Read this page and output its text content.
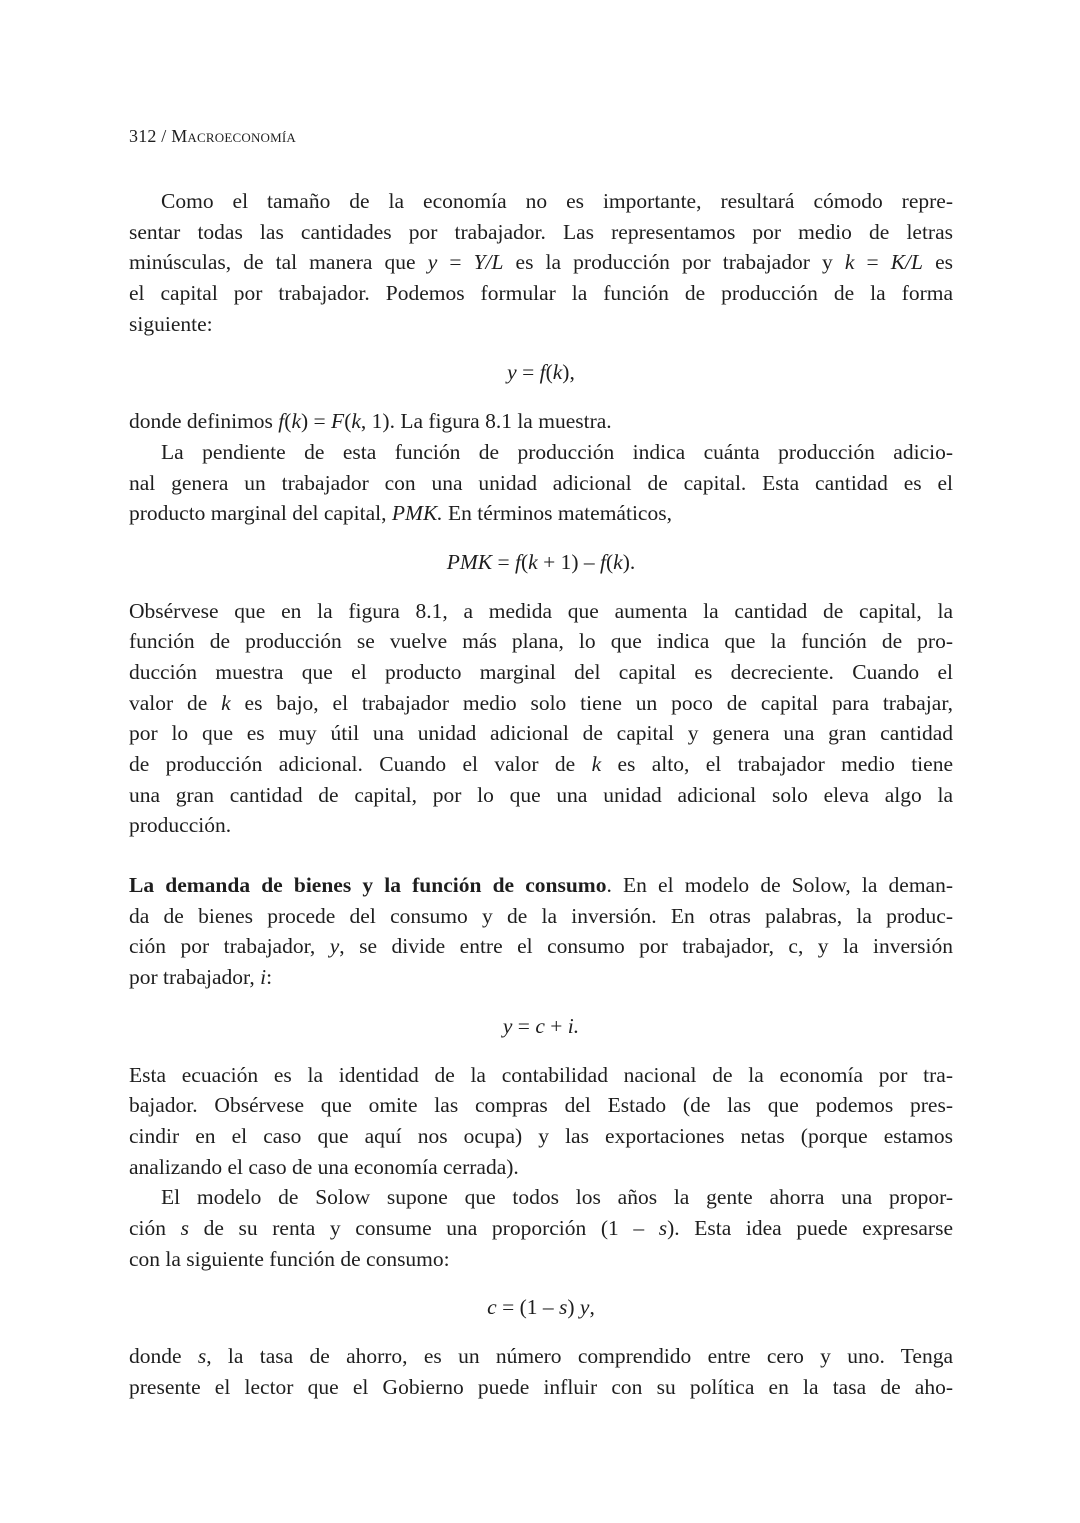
312 / Macroeconomía
Como el tamaño de la economía no es importante, resultará cómodo repre-
sentar todas las cantidades por trabajador. Las representamos por medio de letras
minúsculas, de tal manera que y = Y/L es la producción por trabajador y k = K/L es
el capital por trabajador. Podemos formular la función de producción de la forma
siguiente:
y = f(k),
donde definimos f(k) = F(k, 1). La figura 8.1 la muestra.
La pendiente de esta función de producción indica cuánta producción adicio-
nal genera un trabajador con una unidad adicional de capital. Esta cantidad es el
producto marginal del capital, PMK. En términos matemáticos,
PMK = f(k + 1) – f(k).
Obsérvese que en la figura 8.1, a medida que aumenta la cantidad de capital, la
función de producción se vuelve más plana, lo que indica que la función de pro-
ducción muestra que el producto marginal del capital es decreciente. Cuando el
valor de k es bajo, el trabajador medio solo tiene un poco de capital para trabajar,
por lo que es muy útil una unidad adicional de capital y genera una gran cantidad
de producción adicional. Cuando el valor de k es alto, el trabajador medio tiene
una gran cantidad de capital, por lo que una unidad adicional solo eleva algo la
producción.
La demanda de bienes y la función de consumo. En el modelo de Solow, la deman-
da de bienes procede del consumo y de la inversión. En otras palabras, la produc-
ción por trabajador, y, se divide entre el consumo por trabajador, c, y la inversión
por trabajador, i:
y = c + i.
Esta ecuación es la identidad de la contabilidad nacional de la economía por tra-
bajador. Obsérvese que omite las compras del Estado (de las que podemos pres-
cindir en el caso que aquí nos ocupa) y las exportaciones netas (porque estamos
analizando el caso de una economía cerrada).
El modelo de Solow supone que todos los años la gente ahorra una propor-
ción s de su renta y consume una proporción (1 – s). Esta idea puede expresarse
con la siguiente función de consumo:
c = (1 – s) y,
donde s, la tasa de ahorro, es un número comprendido entre cero y uno. Tenga
presente el lector que el Gobierno puede influir con su política en la tasa de aho-
